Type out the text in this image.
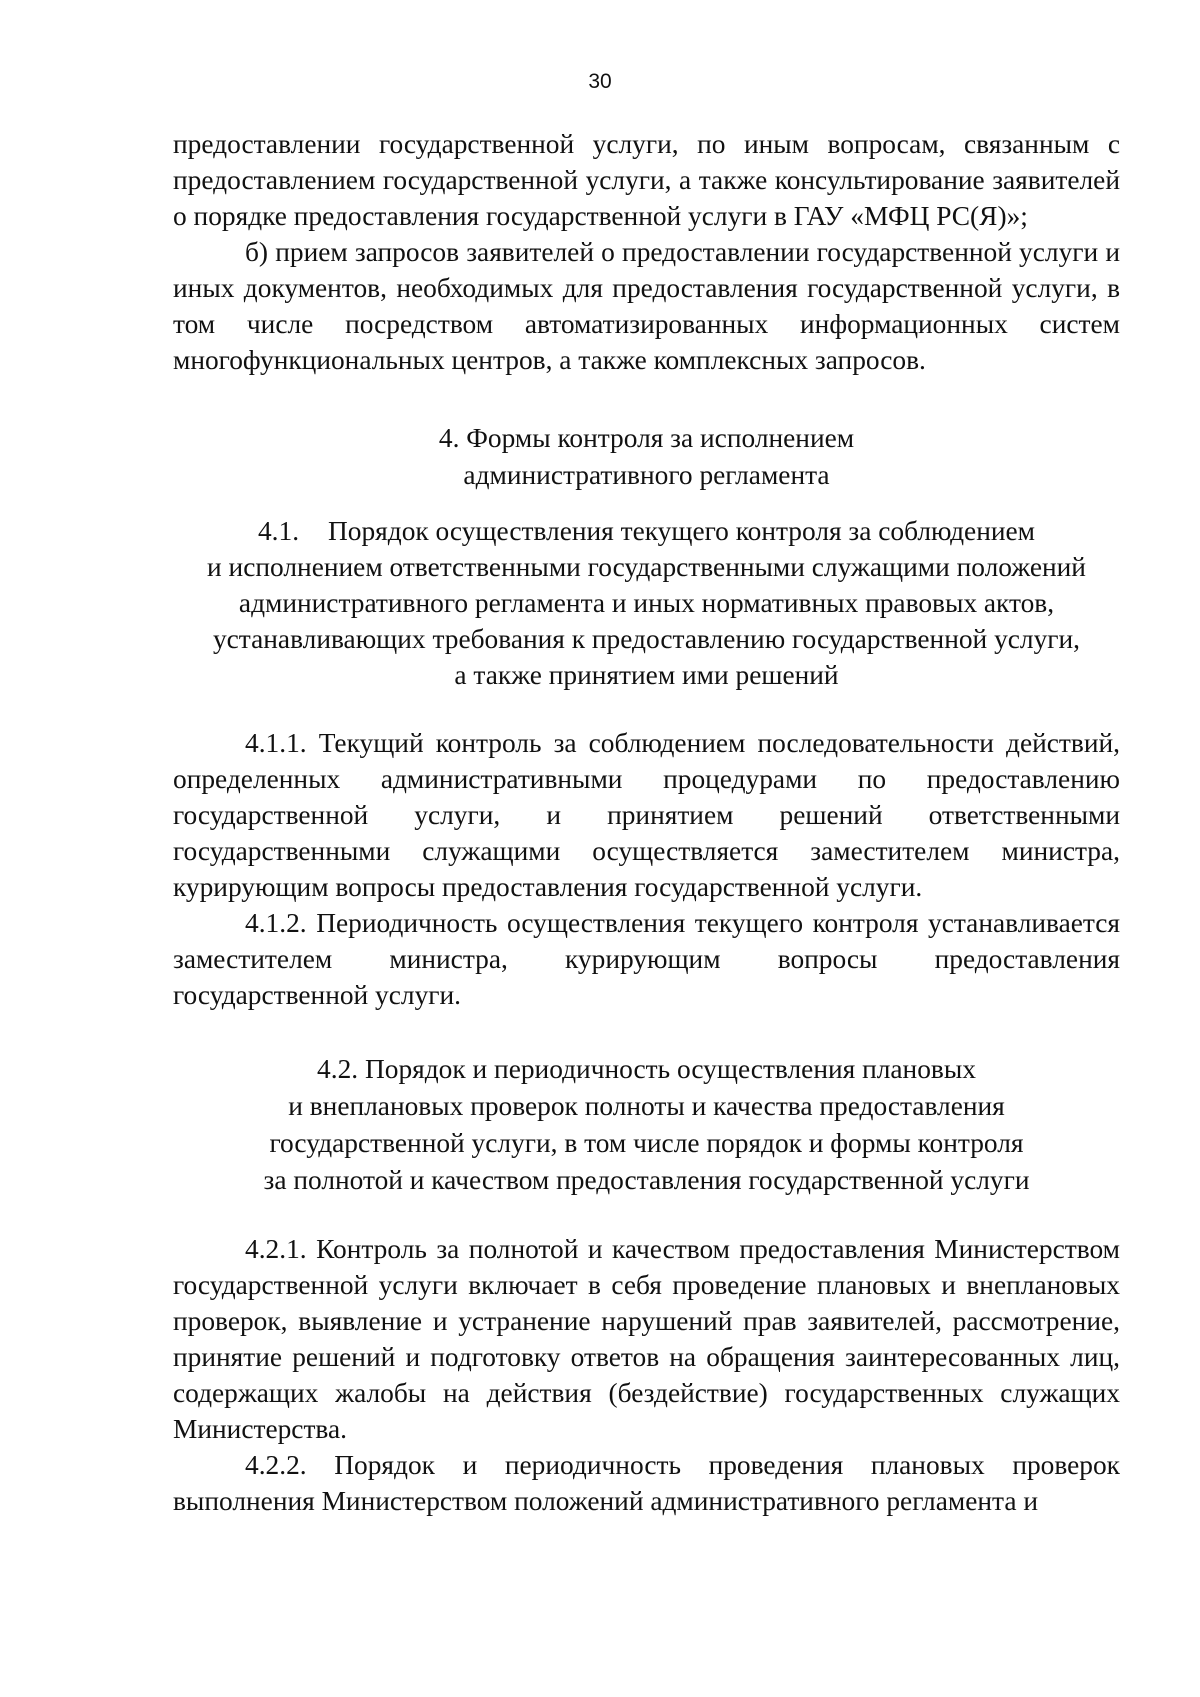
30

предоставлении государственной услуги, по иным вопросам, связанным с предоставлением государственной услуги, а также консультирование заявителей о порядке предоставления государственной услуги в ГАУ «МФЦ РС(Я)»;

б) прием запросов заявителей о предоставлении государственной услуги и иных документов, необходимых для предоставления государственной услуги, в том числе посредством автоматизированных информационных систем многофункциональных центров, а также комплексных запросов.

4. Формы контроля за исполнением
административного регламента
4.1. Порядок осуществления текущего контроля за соблюдением
и исполнением ответственными государственными служащими положений
административного регламента и иных нормативных правовых актов,
устанавливающих требования к предоставлению государственной услуги,
а также принятием ими решений

4.1.1. Текущий контроль за соблюдением последовательности действий, определенных административными процедурами по предоставлению государственной услуги, и принятием решений ответственными государственными служащими осуществляется заместителем министра, курирующим вопросы предоставления государственной услуги.

4.1.2. Периодичность осуществления текущего контроля устанавливается заместителем министра, курирующим вопросы предоставления государственной услуги.

4.2. Порядок и периодичность осуществления плановых
и внеплановых проверок полноты и качества предоставления
государственной услуги, в том числе порядок и формы контроля
за полнотой и качеством предоставления государственной услуги

4.2.1. Контроль за полнотой и качеством предоставления Министерством государственной услуги включает в себя проведение плановых и внеплановых проверок, выявление и устранение нарушений прав заявителей, рассмотрение, принятие решений и подготовку ответов на обращения заинтересованных лиц, содержащих жалобы на действия (бездействие) государственных служащих Министерства.

4.2.2. Порядок и периодичность проведения плановых проверок выполнения Министерством положений административного регламента и
